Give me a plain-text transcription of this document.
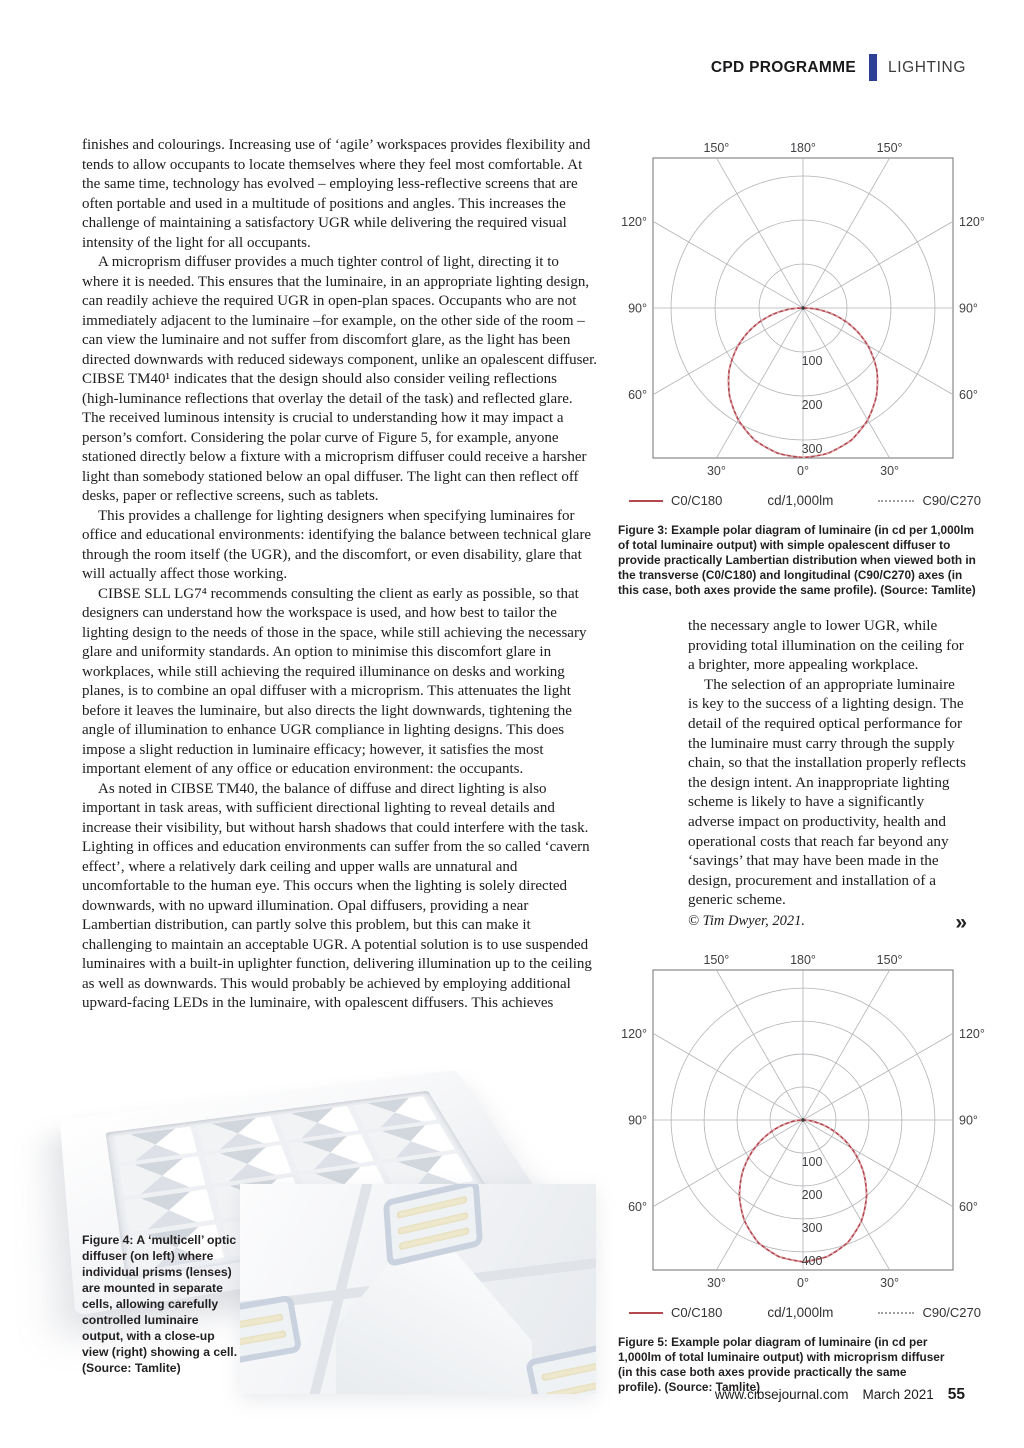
CPD PROGRAMME LIGHTING

finishes and colourings. Increasing use of ‘agile’ workspaces provides flexibility and tends to allow occupants to locate themselves where they feel most comfortable. At the same time, technology has evolved – employing less-reflective screens that are often portable and used in a multitude of positions and angles. This increases the challenge of maintaining a satisfactory UGR while delivering the required visual intensity of the light for all occupants.

A microprism diffuser provides a much tighter control of light, directing it to where it is needed. This ensures that the luminaire, in an appropriate lighting design, can readily achieve the required UGR in open-plan spaces. Occupants who are not immediately adjacent to the luminaire –for example, on the other side of the room – can view the luminaire and not suffer from discomfort glare, as the light has been directed downwards with reduced sideways component, unlike an opalescent diffuser. CIBSE TM40¹ indicates that the design should also consider veiling reflections (high-luminance reflections that overlay the detail of the task) and reflected glare. The received luminous intensity is crucial to understanding how it may impact a person’s comfort. Considering the polar curve of Figure 5, for example, anyone stationed directly below a fixture with a microprism diffuser could receive a harsher light than somebody stationed below an opal diffuser. The light can then reflect off desks, paper or reflective screens, such as tablets.

This provides a challenge for lighting designers when specifying luminaires for office and educational environments: identifying the balance between technical glare through the room itself (the UGR), and the discomfort, or even disability, glare that will actually affect those working.

CIBSE SLL LG7⁴ recommends consulting the client as early as possible, so that designers can understand how the workspace is used, and how best to tailor the lighting design to the needs of those in the space, while still achieving the necessary glare and uniformity standards. An option to minimise this discomfort glare in workplaces, while still achieving the required illuminance on desks and working planes, is to combine an opal diffuser with a microprism. This attenuates the light before it leaves the luminaire, but also directs the light downwards, tightening the angle of illumination to enhance UGR compliance in lighting designs. This does impose a slight reduction in luminaire efficacy; however, it satisfies the most important element of any office or education environment: the occupants.

As noted in CIBSE TM40, the balance of diffuse and direct lighting is also important in task areas, with sufficient directional lighting to reveal details and increase their visibility, but without harsh shadows that could interfere with the task. Lighting in offices and education environments can suffer from the so called ‘cavern effect’, where a relatively dark ceiling and upper walls are unnatural and uncomfortable to the human eye. This occurs when the lighting is solely directed downwards, with no upward illumination. Opal diffusers, providing a near Lambertian distribution, can partly solve this problem, but this can make it challenging to maintain an acceptable UGR. A potential solution is to use suspended luminaires with a built-in uplighter function, delivering illumination up to the ceiling as well as downwards. This would probably be achieved by employing additional upward-facing LEDs in the luminaire, with opalescent diffusers. This achieves

150°	180°	150°
120°
90°
60°
120°
90°
60°
30°	0°	30°
100
200
300
C0/C180	cd/1,000lm	C90/C270
Figure 3: Example polar diagram of luminaire (in cd per 1,000lm of total luminaire output) with simple opalescent diffuser to provide practically Lambertian distribution when viewed both in the transverse (C0/C180) and longitudinal (C90/C270) axes (in this case, both axes provide the same profile). (Source: Tamlite)

the necessary angle to lower UGR, while providing total illumination on the ceiling for a brighter, more appealing workplace.

The selection of an appropriate luminaire is key to the success of a lighting design. The detail of the required optical performance for the luminaire must carry through the supply chain, so that the installation properly reflects the design intent. An inappropriate lighting scheme is likely to have a significantly adverse impact on productivity, health and operational costs that reach far beyond any ‘savings’ that may have been made in the design, procurement and installation of a generic scheme.

© Tim Dwyer, 2021.	»
150°	180°	150°
120°
90°
60°
120°
90°
60°
30°	0°	30°
100
200
300
400
C0/C180	cd/1,000lm	C90/C270
Figure 5: Example polar diagram of luminaire (in cd per 1,000lm of total luminaire output) with microprism diffuser (in this case both axes provide practically the same profile). (Source: Tamlite)
Figure 4: A ‘multicell’ optic diffuser (on left) where individual prisms (lenses) are mounted in separate cells, allowing carefully controlled luminaire output, with a close-up view (right) showing a cell. (Source: Tamlite)
www.cibsejournal.com March 2021 55
